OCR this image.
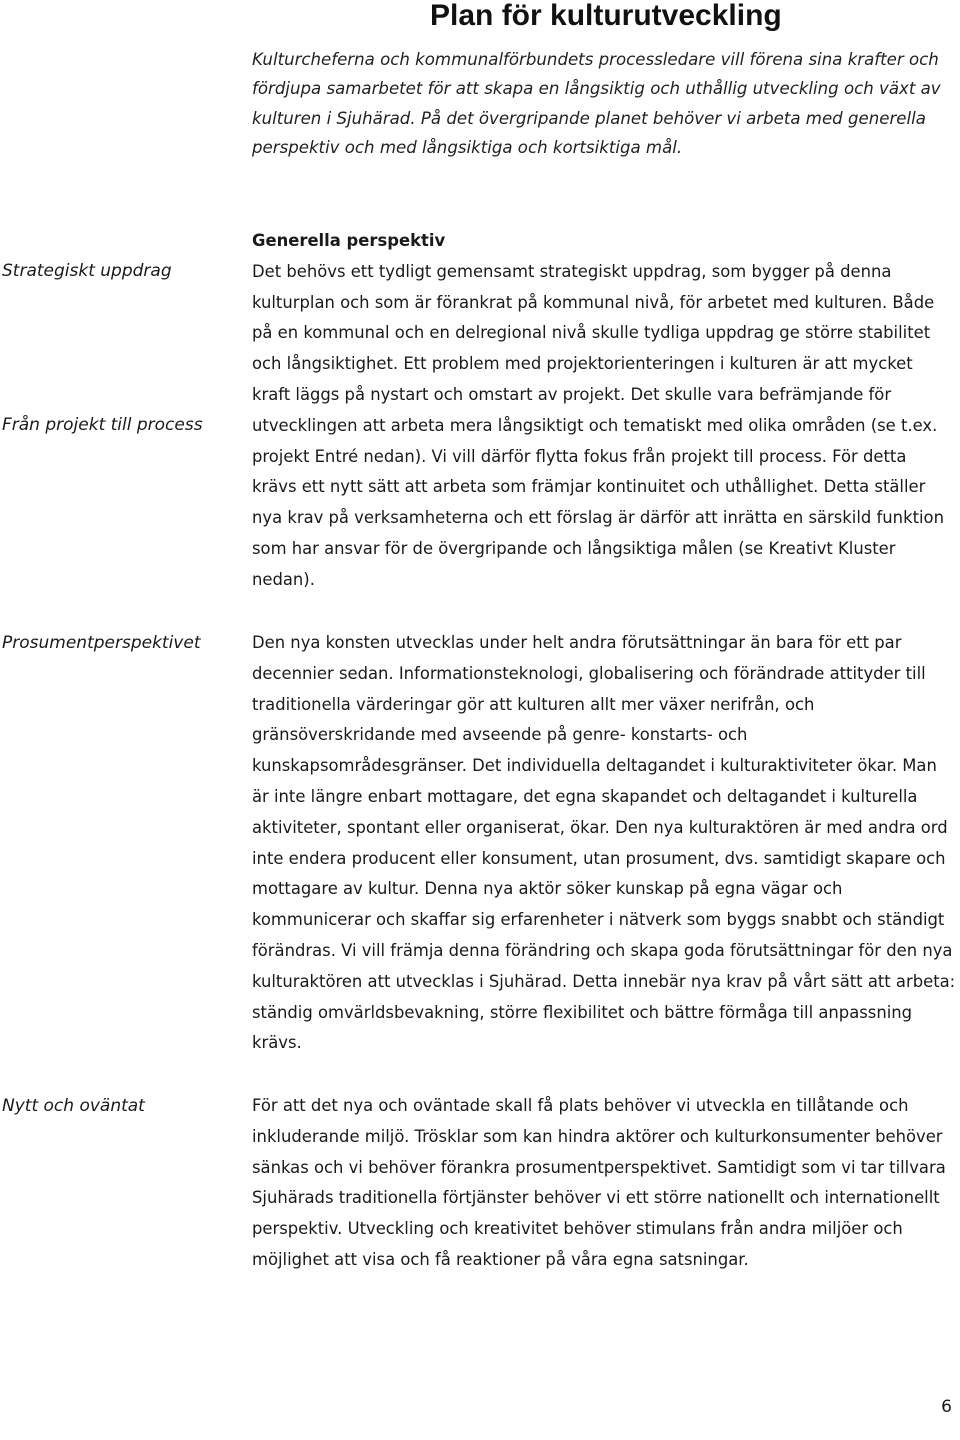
Plan för kulturutveckling

Kulturcheferna och kommunalförbundets processledare vill förena sina krafter och fördjupa samarbetet för att skapa en långsiktig och uthållig utveckling och växt av kulturen i Sjuhärad. På det övergripande planet behöver vi arbeta med generella perspektiv och med långsiktiga och kortsiktiga mål.

Strategiskt uppdrag

Från projekt till process

Prosumentperspektivet

Nytt och oväntat

Generella perspektiv
Det behövs ett tydligt gemensamt strategiskt uppdrag, som bygger på denna kulturplan och som är förankrat på kommunal nivå, för arbetet med kulturen. Både på en kommunal och en delregional nivå skulle tydliga uppdrag ge större stabilitet och långsiktighet. Ett problem med projektorienteringen i kulturen är att mycket kraft läggs på nystart och omstart av projekt. Det skulle vara befrämjande för utvecklingen att arbeta mera långsiktigt och tematiskt med olika områden (se t.ex. projekt Entré nedan). Vi vill därför flytta fokus från projekt till process. För detta krävs ett nytt sätt att arbeta som främjar kontinuitet och uthållighet. Detta ställer nya krav på verksamheterna och ett förslag är därför att inrätta en särskild funktion som har ansvar för de övergripande och långsiktiga målen (se Kreativt Kluster nedan).
Den nya konsten utvecklas under helt andra förutsättningar än bara för ett par decennier sedan. Informationsteknologi, globalisering och förändrade attityder till traditionella värderingar gör att kulturen allt mer växer nerifrån, och gränsöverskridande med avseende på genre- konstarts- och kunskapsområdesgränser. Det individuella deltagandet i kulturaktiviteter ökar. Man är inte längre enbart mottagare, det egna skapandet och deltagandet i kulturella aktiviteter, spontant eller organiserat, ökar. Den nya kulturaktören är med andra ord inte endera producent eller konsument, utan prosument, dvs. samtidigt skapare och mottagare av kultur. Denna nya aktör söker kunskap på egna vägar och kommunicerar och skaffar sig erfarenheter i nätverk som byggs snabbt och ständigt förändras. Vi vill främja denna förändring och skapa goda förutsättningar för den nya kulturaktören att utvecklas i Sjuhärad. Detta innebär nya krav på vårt sätt att arbeta: ständig omvärldsbevakning, större flexibilitet och bättre förmåga till anpassning krävs.
För att det nya och oväntade skall få plats behöver vi utveckla en tillåtande och inkluderande miljö. Trösklar som kan hindra aktörer och kulturkonsumenter behöver sänkas och vi behöver förankra prosumentperspektivet. Samtidigt som vi tar tillvara Sjuhärads traditionella förtjänster behöver vi ett större nationellt och internationellt perspektiv. Utveckling och kreativitet behöver stimulans från andra miljöer och möjlighet att visa och få reaktioner på våra egna satsningar.

6
